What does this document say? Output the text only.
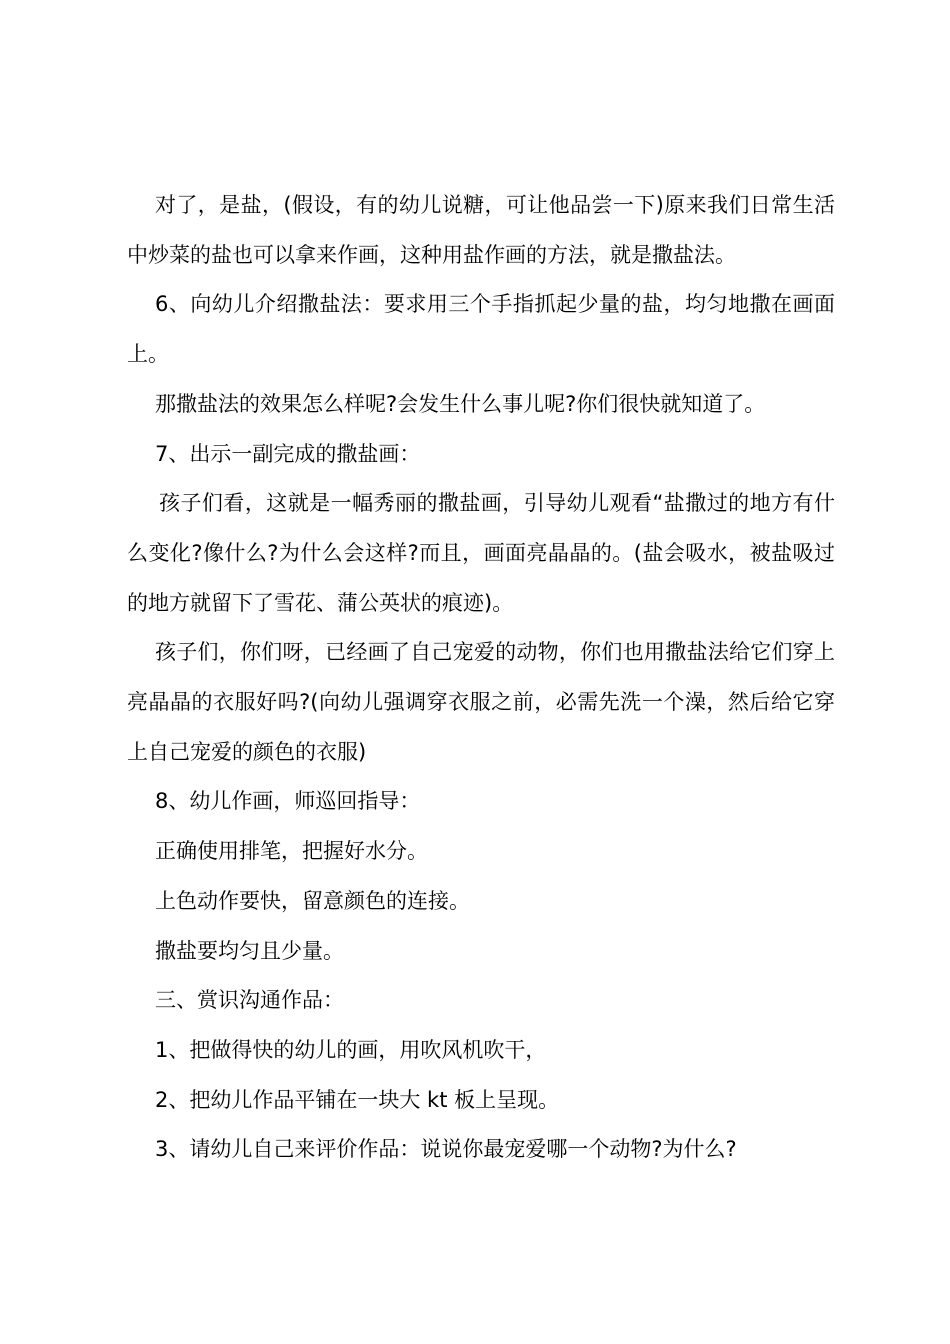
对了，是盐，(假设，有的幼儿说糖，可让他品尝一下)原来我们日常生活中炒菜的盐也可以拿来作画，这种用盐作画的方法，就是撒盐法。

6、向幼儿介绍撒盐法：要求用三个手指抓起少量的盐，均匀地撒在画面上。

那撒盐法的效果怎么样呢?会发生什么事儿呢?你们很快就知道了。

7、出示一副完成的撒盐画：

孩子们看，这就是一幅秀丽的撒盐画，引导幼儿观看“盐撒过的地方有什么变化?像什么?为什么会这样?而且，画面亮晶晶的。(盐会吸水，被盐吸过的地方就留下了雪花、蒲公英状的痕迹)。

孩子们，你们呀，已经画了自己宠爱的动物，你们也用撒盐法给它们穿上亮晶晶的衣服好吗?(向幼儿强调穿衣服之前，必需先洗一个澡，然后给它穿上自己宠爱的颜色的衣服)

8、幼儿作画，师巡回指导：

正确使用排笔，把握好水分。

上色动作要快，留意颜色的连接。

撒盐要均匀且少量。

三、赏识沟通作品：

1、把做得快的幼儿的画，用吹风机吹干，

2、把幼儿作品平铺在一块大 kt 板上呈现。

3、请幼儿自己来评价作品：说说你最宠爱哪一个动物?为什么?
